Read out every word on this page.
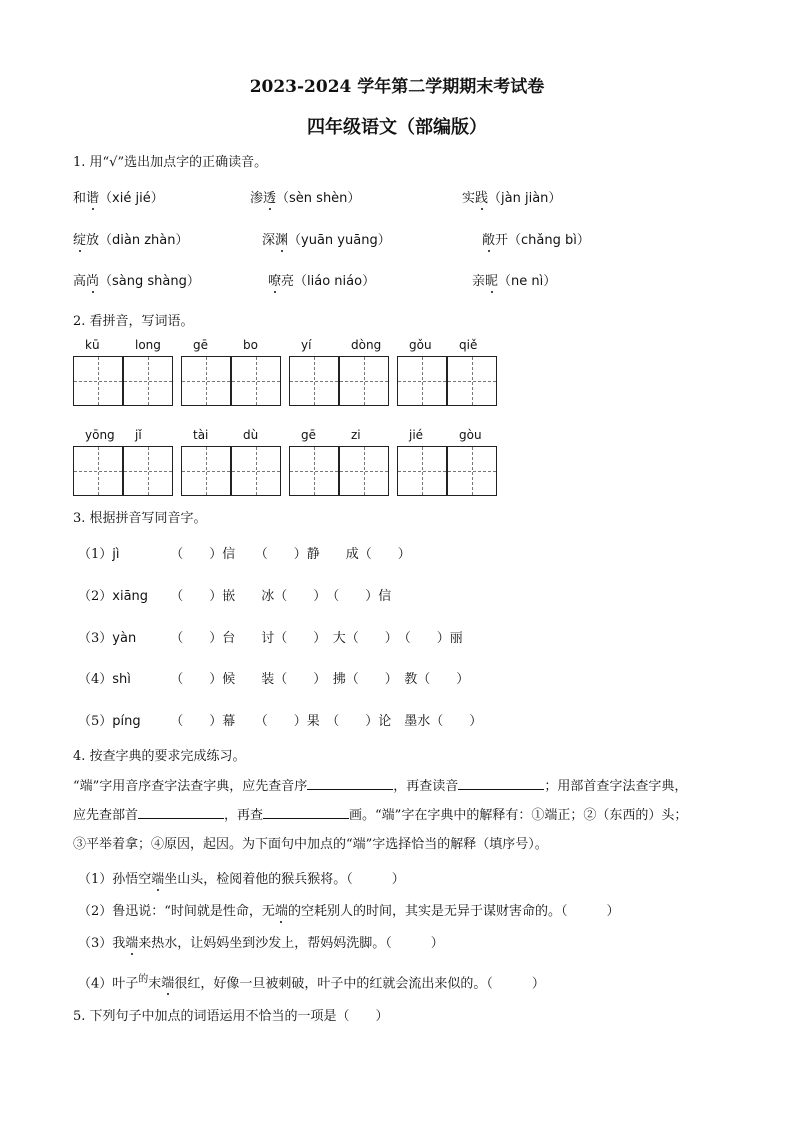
2023-2024 学年第二学期期末考试卷
四年级语文（部编版）
1. 用“√”选出加点字的正确读音。
和谐（xié jié）	渗透（sèn shèn）	实践（jàn jiàn）
绽放（diàn zhàn）	深渊（yuān yuāng）	敞开（chǎng bì）
高尚（sàng shàng）	嘹亮（liáo niáo）	亲昵（ne nì）
2. 看拼音，写词语。
kū	long	gē	bo	yí	dòng gǒu qiě
yōng jǐ	tài	dù	gē	zi	jié	gòu
3. 根据拼音写同音字。
（1）jì	（　　）信　　（　　）静　　成（　　）
（2）xiāng （　　）嵌　　冰（　　）　（　　）信
（3）yàn	（　　）台　　讨（　　）　大（　　）　（　　）丽
（4）shì	（　　）候　　装（　　）　拂（　　）　教（　　）
（5）píng （　　）幕　　（　　）果　（　　）论　墨水（　　）
4. 按查字典的要求完成练习。
“端”字用音序查字法查字典，应先查音序	，再查读音	；用部首查字法查字典，
应先查部首	，再查	画。“端”字在字典中的解释有：①端正；②（东西的）头；
③平举着拿；④原因，起因。为下面句中加点的“端”字选择恰当的解释（填序号）。
（1）孙悟空端坐山头，检阅着他的猴兵猴将。（　　　）
（2）鲁迅说：“时间就是性命，无端的空耗别人的时间，其实是无异于谋财害命的。（　　　）
（3）我端来热水，让妈妈坐到沙发上，帮妈妈洗脚。（　　　）
（4）叶子$^的$末端很红，好像一旦被刺破，叶子中的红就会流出来似的。（　　　）
5. 下列句子中加点的词语运用不恰当的一项是（　　）
